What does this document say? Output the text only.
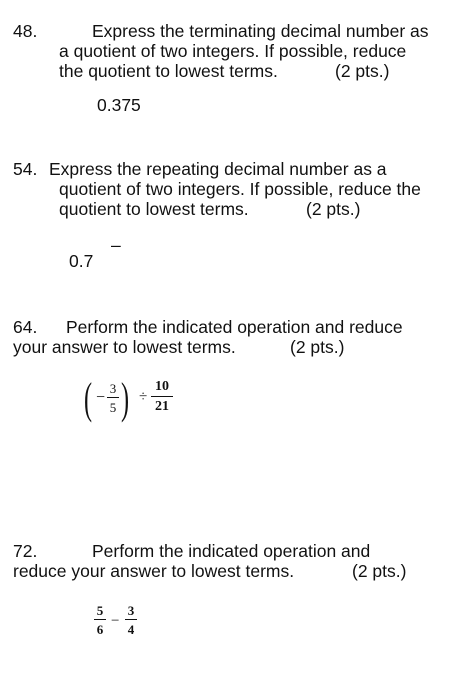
48.	Express the terminating decimal number as
a quotient of two integers. If possible, reduce
the quotient to lowest terms.	(2 pts.)
0.375
54. Express the repeating decimal number as a
quotient of two integers. If possible, reduce the
quotient to lowest terms.	(2 pts.)
0.7
–
64. Perform the indicated operation and reduce
your answer to lowest terms.	(2 pts.)
( −
3
5 ) ÷
10
21
72.	Perform the indicated operation and
reduce your answer to lowest terms.	(2 pts.)
5
6
−
3
4
